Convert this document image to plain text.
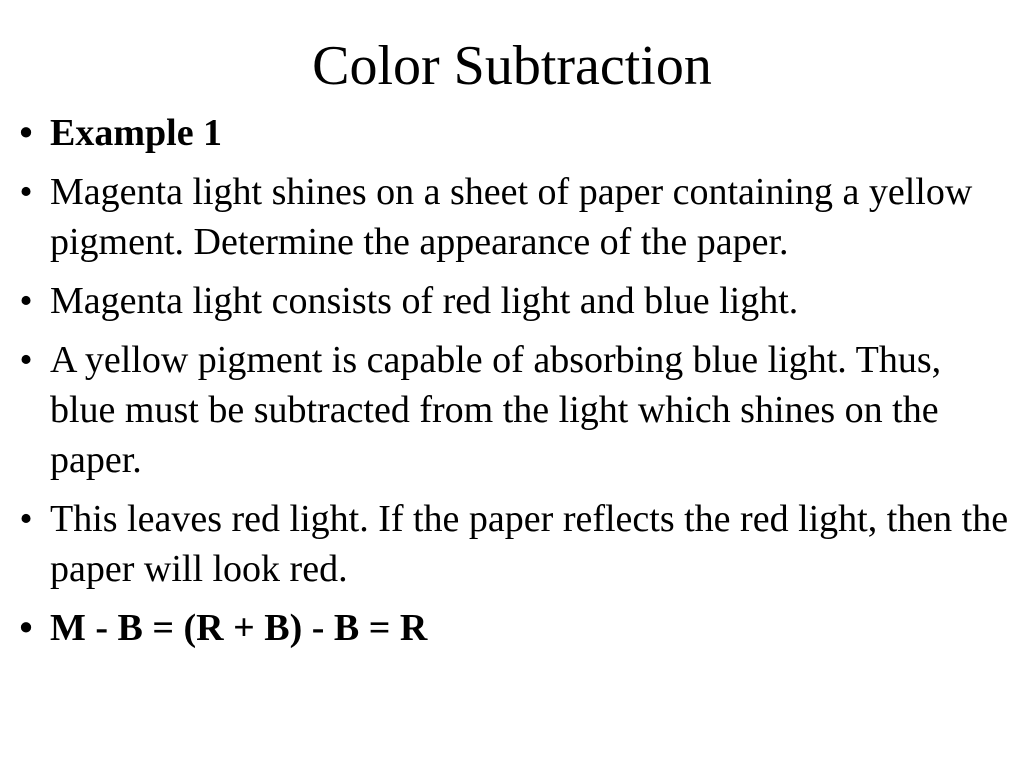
Color Subtraction
• Example 1
• Magenta light shines on a sheet of paper containing a yellow pigment. Determine the appearance of the paper.
• Magenta light consists of red light and blue light.
• A yellow pigment is capable of absorbing blue light. Thus, blue must be subtracted from the light which shines on the paper.
• This leaves red light. If the paper reflects the red light, then the paper will look red.
• M - B = (R + B) - B = R
